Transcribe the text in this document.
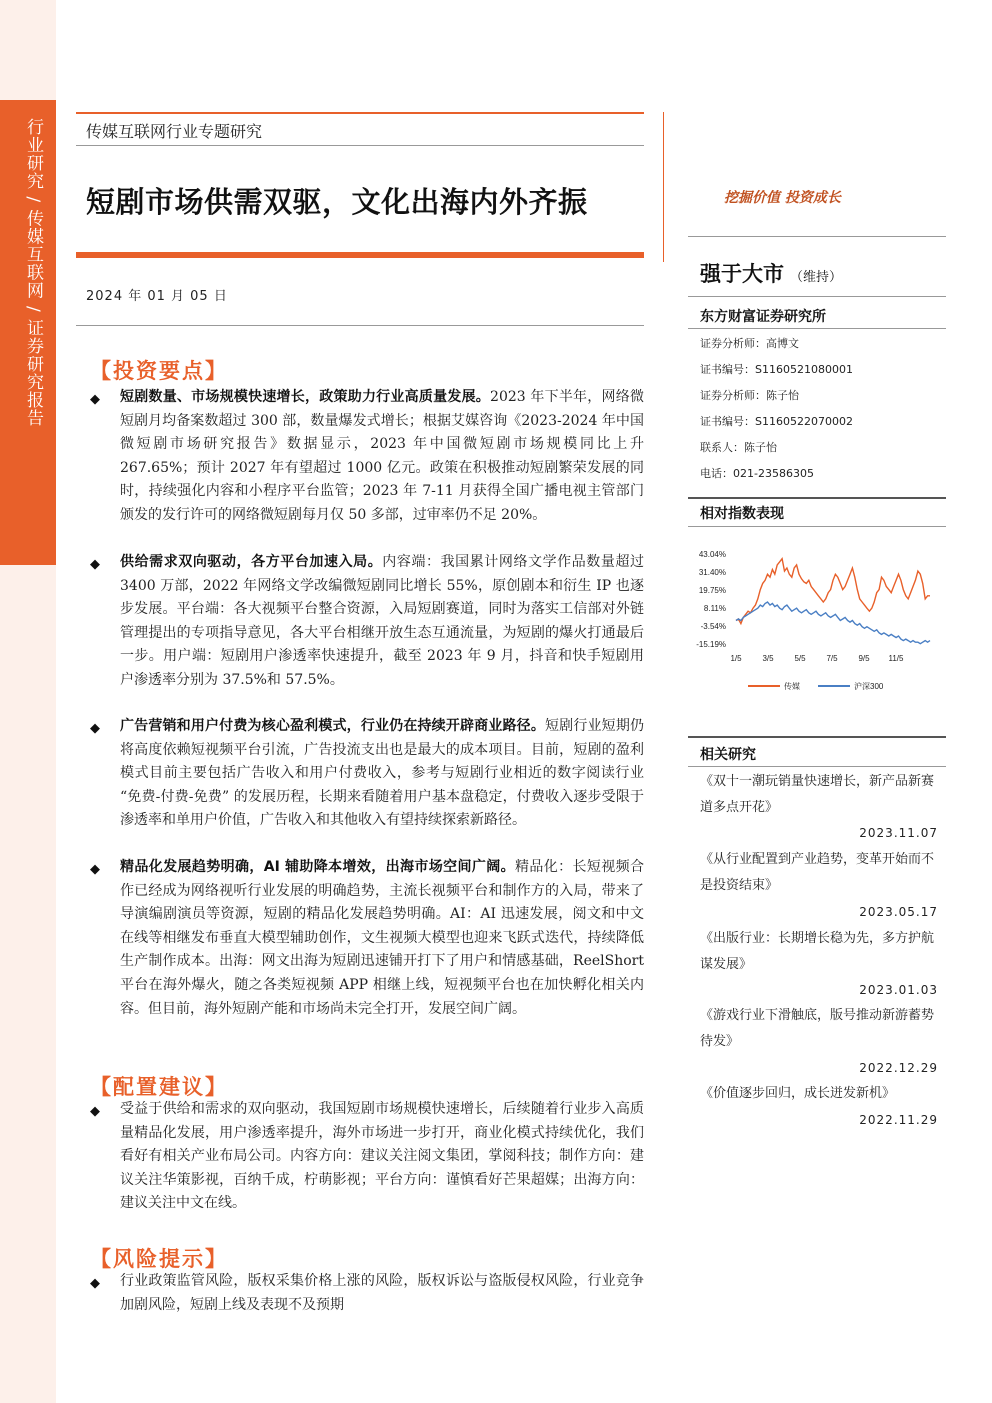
行业研究 / 传媒互联网 / 证券研究报告	传媒互联网行业专题研究
短剧市场供需双驱，文化出海内外齐振	挖掘价值 投资成长
2024 年 01 月 05 日
强于大市 （维持）
东方财富证券研究所
证券分析师：高博文
证书编号：S1160521080001
证券分析师：陈子怡
证书编号：S1160522070002
联系人：陈子怡
电话：021-23586305
相对指数表现
43.04%
31.40%
19.75%
8.11%
-3.54%
-15.19%
1/5	3/5	5/5	7/5	9/5 11/5
传媒	沪深300
相关研究
《双十一潮玩销量快速增长，新产品新赛道多点开花》
2023.11.07
《从行业配置到产业趋势，变革开始而不是投资结束》
2023.05.17
《出版行业：长期增长稳为先，多方护航谋发展》
2023.01.03
《游戏行业下滑触底，版号推动新游蓄势待发》
2022.12.29
《价值逐步回归，成长迸发新机》
2022.11.29
【投资要点】
◆ 短剧数量、市场规模快速增长，政策助力行业高质量发展。2023 年下半年，网络微短剧月均备案数超过 300 部，数量爆发式增长；根据艾媒咨询《2023-2024 年中国微短剧市场研究报告》数据显示，2023 年中国微短剧市场规模同比上升 267.65%；预计 2027 年有望超过 1000 亿元。政策在积极推动短剧繁荣发展的同时，持续强化内容和小程序平台监管；2023 年 7-11 月获得全国广播电视主管部门颁发的发行许可的网络微短剧每月仅 50 多部，过审率仍不足 20%。
◆ 供给需求双向驱动，各方平台加速入局。内容端：我国累计网络文学作品数量超过 3400 万部，2022 年网络文学改编微短剧同比增长 55%，原创剧本和衍生 IP 也逐步发展。平台端：各大视频平台整合资源，入局短剧赛道，同时为落实工信部对外链管理提出的专项指导意见，各大平台相继开放生态互通流量，为短剧的爆火打通最后一步。用户端：短剧用户渗透率快速提升，截至 2023 年 9 月，抖音和快手短剧用户渗透率分别为 37.5%和 57.5%。
◆ 广告营销和用户付费为核心盈利模式，行业仍在持续开辟商业路径。短剧行业短期仍将高度依赖短视频平台引流，广告投流支出也是最大的成本项目。目前，短剧的盈利模式目前主要包括广告收入和用户付费收入，参考与短剧行业相近的数字阅读行业 “免费-付费-免费” 的发展历程，长期来看随着用户基本盘稳定，付费收入逐步受限于渗透率和单用户价值，广告收入和其他收入有望持续探索新路径。
◆ 精品化发展趋势明确，AI 辅助降本增效，出海市场空间广阔。精品化：长短视频合作已经成为网络视听行业发展的明确趋势，主流长视频平台和制作方的入局，带来了导演编剧演员等资源，短剧的精品化发展趋势明确。AI：AI 迅速发展，阅文和中文在线等相继发布垂直大模型辅助创作，文生视频大模型也迎来飞跃式迭代，持续降低生产制作成本。出海：网文出海为短剧迅速铺开打下了用户和情感基础，ReelShort 平台在海外爆火，随之各类短视频 APP 相继上线，短视频平台也在加快孵化相关内容。但目前，海外短剧产能和市场尚未完全打开，发展空间广阔。
【配置建议】
◆ 受益于供给和需求的双向驱动，我国短剧市场规模快速增长，后续随着行业步入高质量精品化发展，用户渗透率提升，海外市场进一步打开，商业化模式持续优化，我们看好有相关产业布局公司。内容方向：建议关注阅文集团，掌阅科技；制作方向：建议关注华策影视，百纳千成，柠萌影视；平台方向：谨慎看好芒果超媒；出海方向：建议关注中文在线。
【风险提示】
◆ 行业政策监管风险，版权采集价格上涨的风险，版权诉讼与盗版侵权风险，行业竞争加剧风险，短剧上线及表现不及预期
